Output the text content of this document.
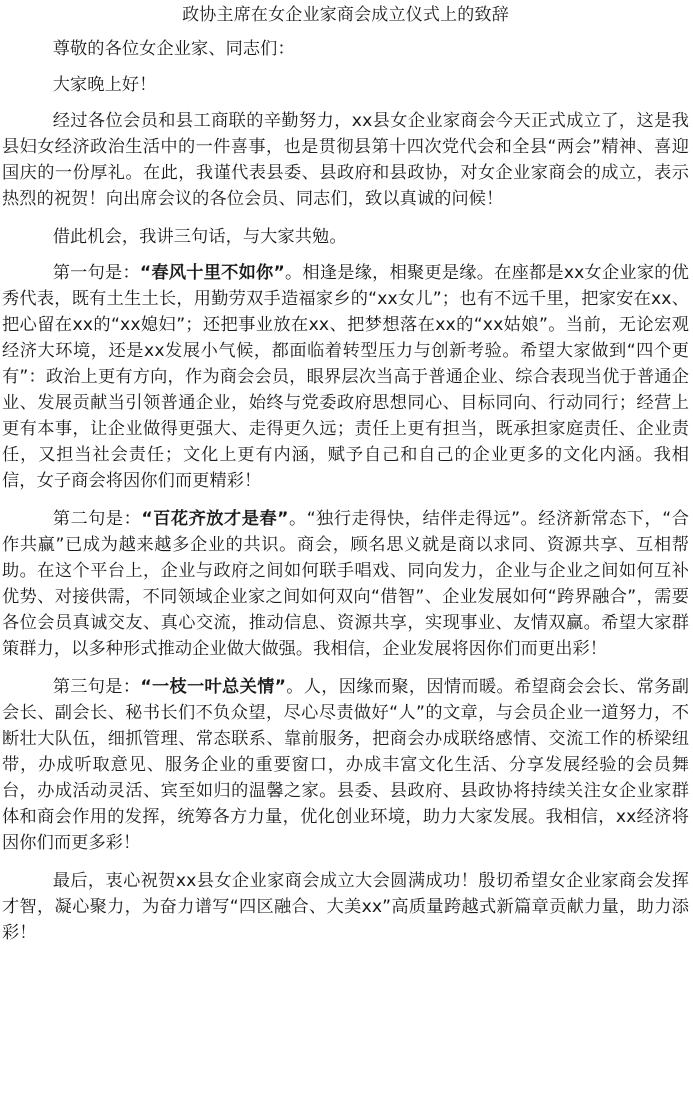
政协主席在女企业家商会成立仪式上的致辞

尊敬的各位女企业家、同志们：

大家晚上好！

经过各位会员和县工商联的辛勤努力，xx县女企业家商会今天正式成立了，这是我县妇女经济政治生活中的一件喜事，也是贯彻县第十四次党代会和全县“两会”精神、喜迎国庆的一份厚礼。在此，我谨代表县委、县政府和县政协，对女企业家商会的成立，表示热烈的祝贺！向出席会议的各位会员、同志们，致以真诚的问候！

借此机会，我讲三句话，与大家共勉。

第一句是：“春风十里不如你”。相逢是缘，相聚更是缘。在座都是xx女企业家的优秀代表，既有土生土长，用勤劳双手造福家乡的“xx女儿”；也有不远千里，把家安在xx、把心留在xx的“xx媳妇”；还把事业放在xx、把梦想落在xx的“xx姑娘”。当前，无论宏观经济大环境，还是xx发展小气候，都面临着转型压力与创新考验。希望大家做到“四个更有”：政治上更有方向，作为商会会员，眼界层次当高于普通企业、综合表现当优于普通企业、发展贡献当引领普通企业，始终与党委政府思想同心、目标同向、行动同行；经营上更有本事，让企业做得更强大、走得更久远；责任上更有担当，既承担家庭责任、企业责任，又担当社会责任；文化上更有内涵，赋予自己和自己的企业更多的文化内涵。我相信，女子商会将因你们而更精彩！

第二句是：“百花齐放才是春”。“独行走得快，结伴走得远”。经济新常态下，“合作共赢”已成为越来越多企业的共识。商会，顾名思义就是商以求同、资源共享、互相帮助。在这个平台上，企业与政府之间如何联手唱戏、同向发力，企业与企业之间如何互补优势、对接供需，不同领域企业家之间如何双向“借智”、企业发展如何“跨界融合”，需要各位会员真诚交友、真心交流，推动信息、资源共享，实现事业、友情双赢。希望大家群策群力，以多种形式推动企业做大做强。我相信，企业发展将因你们而更出彩！

第三句是：“一枝一叶总关情”。人，因缘而聚，因情而暖。希望商会会长、常务副会长、副会长、秘书长们不负众望，尽心尽责做好“人”的文章，与会员企业一道努力，不断壮大队伍，细抓管理、常态联系、靠前服务，把商会办成联络感情、交流工作的桥梁纽带，办成听取意见、服务企业的重要窗口，办成丰富文化生活、分享发展经验的会员舞台，办成活动灵活、宾至如归的温馨之家。县委、县政府、县政协将持续关注女企业家群体和商会作用的发挥，统筹各方力量，优化创业环境，助力大家发展。我相信，xx经济将因你们而更多彩！

最后，衷心祝贺xx县女企业家商会成立大会圆满成功！殷切希望女企业家商会发挥才智，凝心聚力，为奋力谱写“四区融合、大美xx”高质量跨越式新篇章贡献力量，助力添彩！
